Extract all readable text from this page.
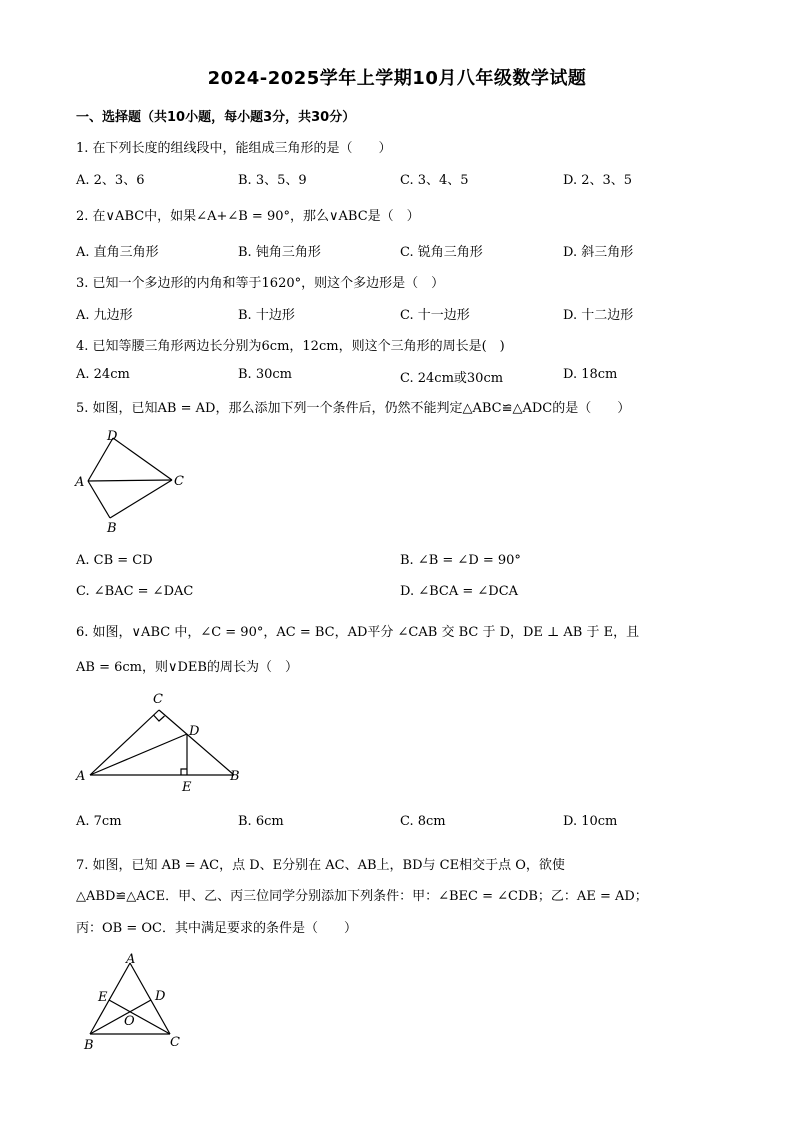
2024-2025学年上学期10月八年级数学试题
一、选择题（共10小题，每小题3分，共30分）
1. 在下列长度的组线段中，能组成三角形的是（　　）
A. 2、3、6	B. 3、5、9	C. 3、4、5	D. 2、3、5
2. 在∨ABC中，如果∠A+∠B = 90°，那么∨ABC是（　）
A. 直角三角形	B. 钝角三角形	C. 锐角三角形	D. 斜三角形
3. 已知一个多边形的内角和等于1620°，则这个多边形是（　）
A. 九边形	B. 十边形	C. 十一边形	D. 十二边形
4. 已知等腰三角形两边长分别为6cm，12cm，则这个三角形的周长是(　)
A. 24cm	B. 30cm	C. 24cm或30cm	D. 18cm
5. 如图，已知AB = AD，那么添加下列一个条件后，仍然不能判定△ABC≌△ADC的是（　　）
D
A	C
B
A. CB = CD	B. ∠B = ∠D = 90°
C. ∠BAC = ∠DAC	D. ∠BCA = ∠DCA
6. 如图，∨ABC 中，∠C = 90°，AC = BC，AD平分 ∠CAB 交 BC 于 D，DE ⊥ AB 于 E，且
AB = 6cm，则∨DEB的周长为（　）
C
D
A
E
B
A. 7cm	B. 6cm	C. 8cm	D. 10cm
7. 如图，已知 AB = AC，点 D、E分别在 AC、AB上，BD与 CE相交于点 O，欲使
△ABD≌△ACE．甲、乙、丙三位同学分别添加下列条件：甲：∠BEC = ∠CDB；乙：AE = AD；
丙：OB = OC．其中满足要求的条件是（　　）
A
E	D
O
B	C
